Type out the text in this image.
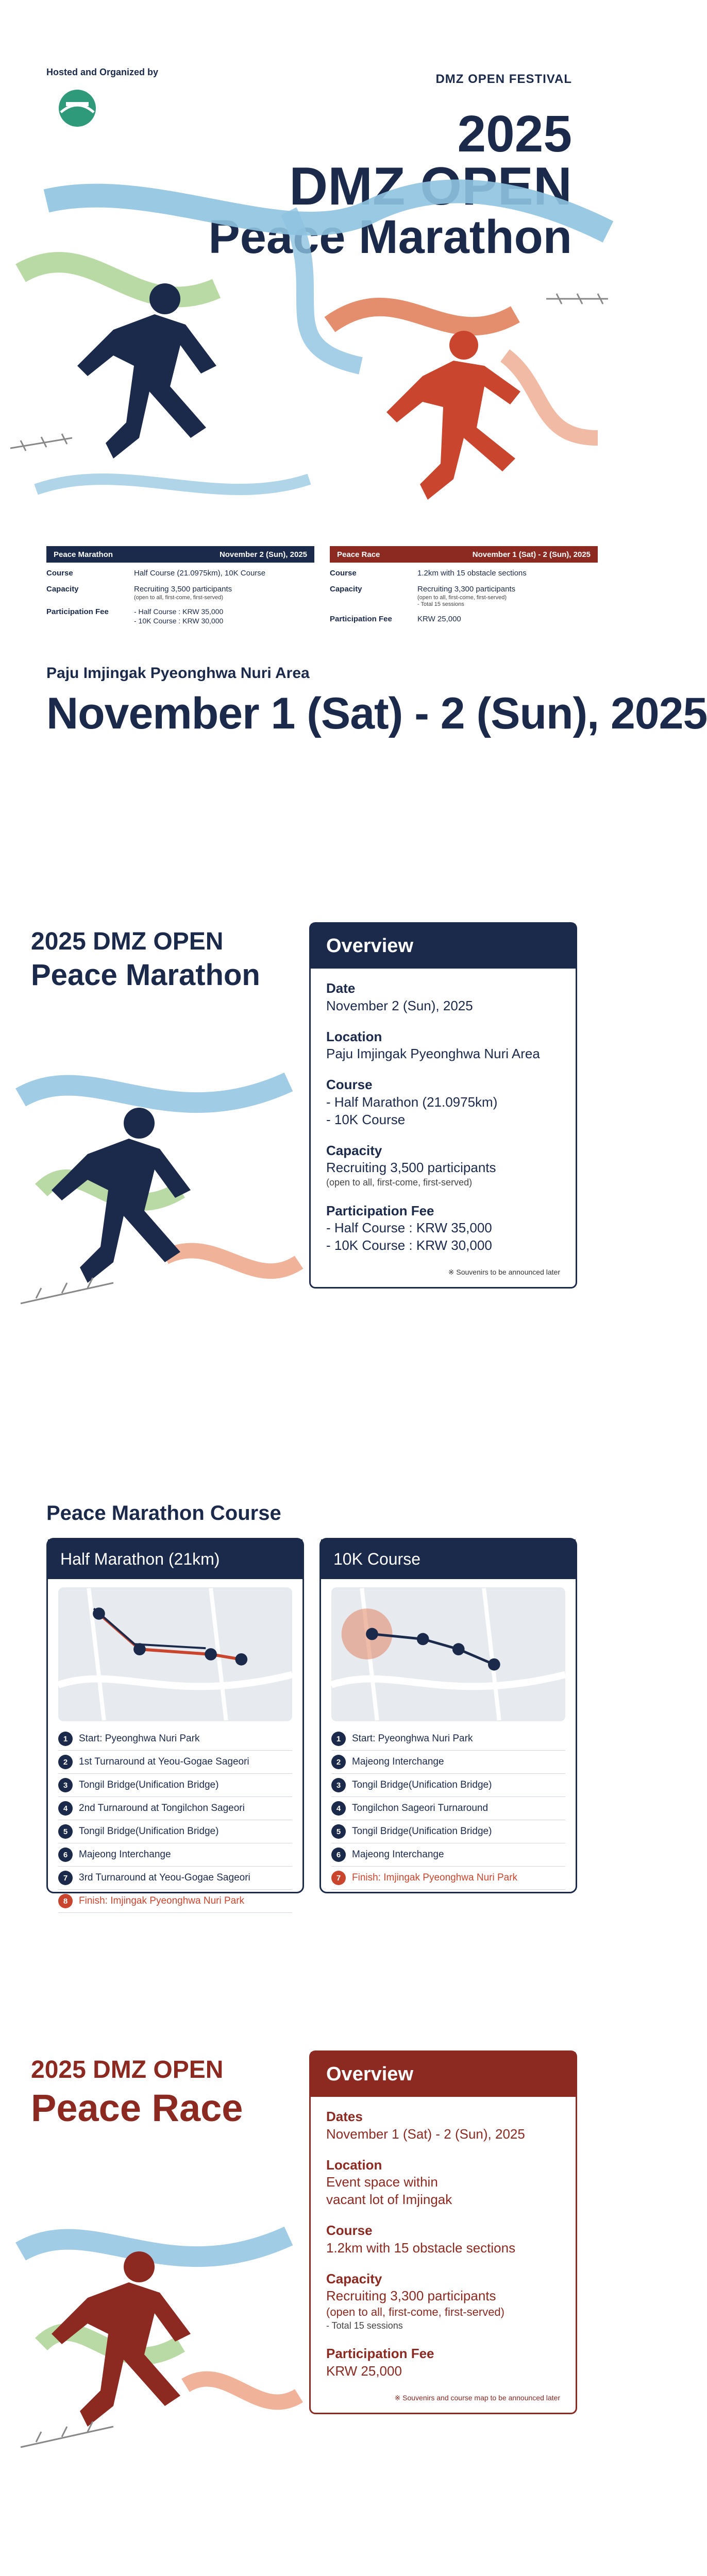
Hosted and Organized by	DMZ OPEN FESTIVAL
2025
DMZ OPEN
Peace Marathon
Peace Marathon	November 2 (Sun), 2025
Course	Half Course (21.0975km), 10K Course
Capacity	Recruiting 3,500 participants
(open to all, first-come, first-served)
Participation Fee	- Half Course : KRW 35,000
- 10K Course : KRW 30,000
Peace Race	November 1 (Sat) - 2 (Sun), 2025
Course	1.2km with 15 obstacle sections
Capacity	Recruiting 3,300 participants
(open to all, first-come, first-served)
- Total 15 sessions
Participation Fee	KRW 25,000
Paju Imjingak Pyeonghwa Nuri Area
November 1 (Sat) - 2 (Sun), 2025
2025 DMZ OPEN
Peace Marathon
Overview
Date
November 2 (Sun), 2025
Location
Paju Imjingak Pyeonghwa Nuri Area
Course
- Half Marathon (21.0975km)
- 10K Course
Capacity
Recruiting 3,500 participants
(open to all, first-come, first-served)
Participation Fee
- Half Course : KRW 35,000
- 10K Course : KRW 30,000
※ Souvenirs to be announced later
Peace Marathon Course
Half Marathon (21km)
1	Start: Pyeonghwa Nuri Park
2	1st Turnaround at Yeou-Gogae Sageori
3	Tongil Bridge(Unification Bridge)
4	2nd Turnaround at Tongilchon Sageori
5	Tongil Bridge(Unification Bridge)
6	Majeong Interchange
7	3rd Turnaround at Yeou-Gogae Sageori
8	Finish: Imjingak Pyeonghwa Nuri Park
10K Course
1	Start: Pyeonghwa Nuri Park
2	Majeong Interchange
3	Tongil Bridge(Unification Bridge)
4	Tongilchon Sageori Turnaround
5	Tongil Bridge(Unification Bridge)
6	Majeong Interchange
7	Finish: Imjingak Pyeonghwa Nuri Park
2025 DMZ OPEN
Peace Race
Overview
Dates
November 1 (Sat) - 2 (Sun), 2025
Location
Event space within
vacant lot of Imjingak
Course
1.2km with 15 obstacle sections
Capacity
Recruiting 3,300 participants
(open to all, first-come, first-served)
- Total 15 sessions
Participation Fee
KRW 25,000
※ Souvenirs and course map to be announced later
